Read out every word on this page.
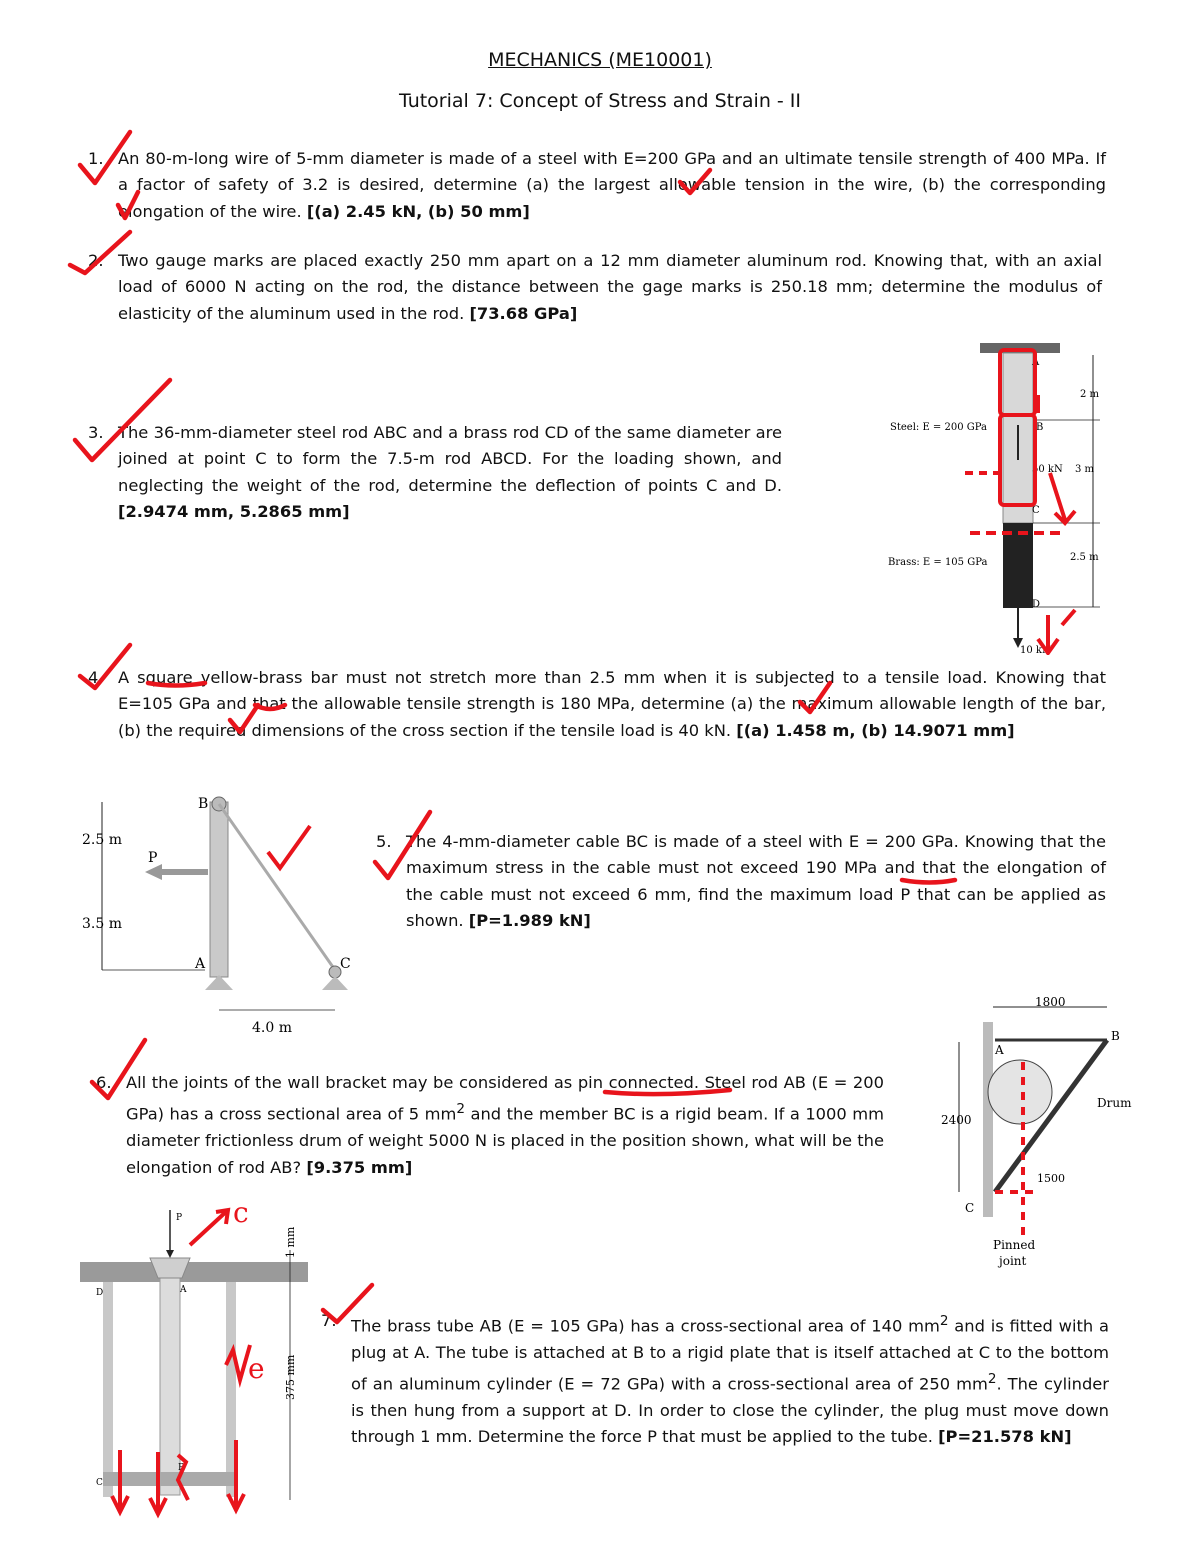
MECHANICS (ME10001)
Tutorial 7: Concept of Stress and Strain - II
1. An 80-m-long wire of 5-mm diameter is made of a steel with E=200 GPa and an ultimate tensile strength of 400 MPa. If a factor of safety of 3.2 is desired, determine (a) the largest allowable tension in the wire, (b) the corresponding elongation of the wire. [(a) 2.45 kN, (b) 50 mm]
2. Two gauge marks are placed exactly 250 mm apart on a 12 mm diameter aluminum rod. Knowing that, with an axial load of 6000 N acting on the rod, the distance between the gage marks is 250.18 mm; determine the modulus of elasticity of the aluminum used in the rod. [73.68 GPa]
3. The 36-mm-diameter steel rod ABC and a brass rod CD of the same diameter are joined at point C to form the 7.5-m rod ABCD. For the loading shown, and neglecting the weight of the rod, determine the deflection of points C and D. [2.9474 mm, 5.2865 mm]
4. A square yellow-brass bar must not stretch more than 2.5 mm when it is subjected to a tensile load. Knowing that E=105 GPa and that the allowable tensile strength is 180 MPa, determine (a) the maximum allowable length of the bar, (b) the required dimensions of the cross section if the tensile load is 40 kN. [(a) 1.458 m, (b) 14.9071 mm]
5. The 4-mm-diameter cable BC is made of a steel with E = 200 GPa. Knowing that the maximum stress in the cable must not exceed 190 MPa and that the elongation of the cable must not exceed 6 mm, find the maximum load P that can be applied as shown. [P=1.989 kN]
6. All the joints of the wall bracket may be considered as pin connected. Steel rod AB (E = 200 GPa) has a cross sectional area of 5 $mm^2$ and the member BC is a rigid beam. If a 1000 mm diameter frictionless drum of weight 5000 N is placed in the position shown, what will be the elongation of rod AB? [9.375 mm]
7. The brass tube AB (E = 105 GPa) has a cross-sectional area of 140 $mm^2$ and is fitted with a plug at A. The tube is attached at B to a rigid plate that is itself attached at C to the bottom of an aluminum cylinder (E = 72 GPa) with a cross-sectional area of 250 $mm^2$. The cylinder is then hung from a support at D. In order to close the cylinder, the plug must move down through 1 mm. Determine the force P that must be applied to the tube. [P=21.578 kN]
A
B
C
D
Steel: E = 200 GPa
Brass: E = 105 GPa
50 kN
10 kN
2 m
3 m
2.5 m
B
A	C
P
2.5 m
3.5 m
4.0 m
A
B
C
1800
2400
1500
Drum
Pinned
joint
P
A
B
C
D
1 mm
375 mm
c
e
